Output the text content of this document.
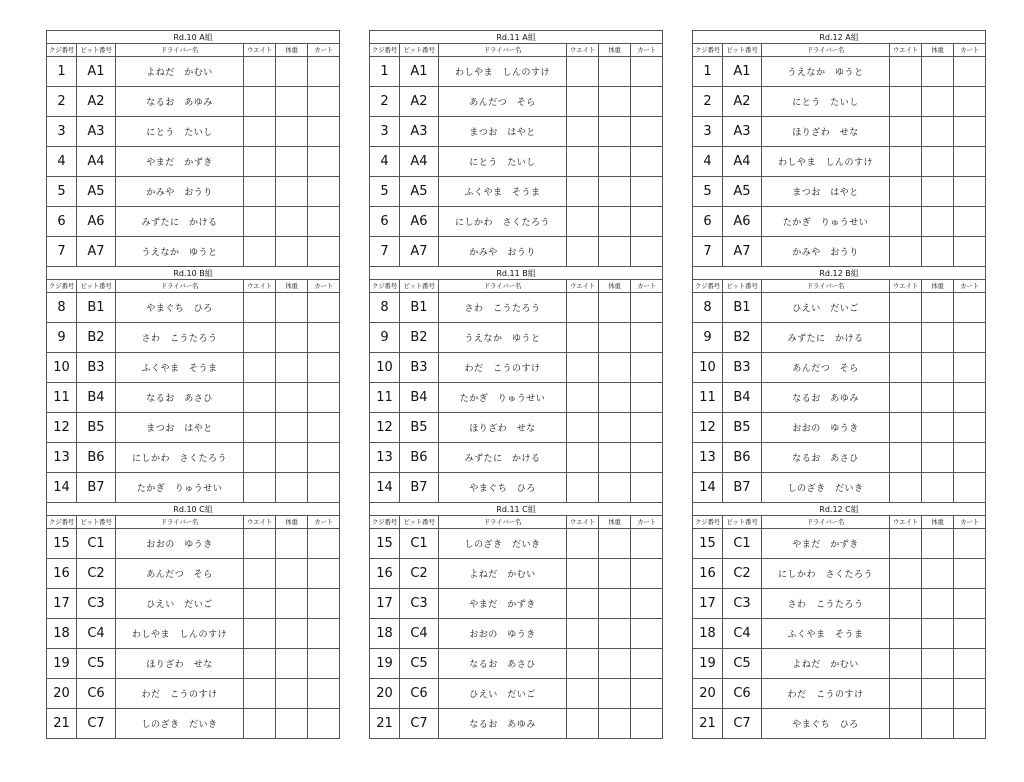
Rd.10 A組					
クジ番号	ピット番号	ドライバー名	ウエイト	体重	カート
1	A1	よねだ　かむい			
2	A2	なるお　あゆみ			
3	A3	にとう　たいし			
4	A4	やまだ　かずき			
5	A5	かみや　おうり			
6	A6	みずたに　かける			
7	A7	うえなか　ゆうと			
Rd.10 B組					
クジ番号	ピット番号	ドライバー名	ウエイト	体重	カート
8	B1	やまぐち　ひろ			
9	B2	さわ　こうたろう			
10	B3	ふくやま　そうま			
11	B4	なるお　あさひ			
12	B5	まつお　はやと			
13	B6	にしかわ　さくたろう			
14	B7	たかぎ　りゅうせい			
Rd.10 C組					
クジ番号	ピット番号	ドライバー名	ウエイト	体重	カート
15	C1	おおの　ゆうき			
16	C2	あんだつ　そら			
17	C3	ひえい　だいご			
18	C4	わしやま　しんのすけ			
19	C5	ほりざわ　せな			
20	C6	わだ　こうのすけ			
21	C7	しのざき　だいき			
Rd.11 A組					
クジ番号	ピット番号	ドライバー名	ウエイト	体重	カート
1	A1	わしやま　しんのすけ			
2	A2	あんだつ　そら			
3	A3	まつお　はやと			
4	A4	にとう　たいし			
5	A5	ふくやま　そうま			
6	A6	にしかわ　さくたろう			
7	A7	かみや　おうり			
Rd.11 B組					
クジ番号	ピット番号	ドライバー名	ウエイト	体重	カート
8	B1	さわ　こうたろう			
9	B2	うえなか　ゆうと			
10	B3	わだ　こうのすけ			
11	B4	たかぎ　りゅうせい			
12	B5	ほりざわ　せな			
13	B6	みずたに　かける			
14	B7	やまぐち　ひろ			
Rd.11 C組					
クジ番号	ピット番号	ドライバー名	ウエイト	体重	カート
15	C1	しのざき　だいき			
16	C2	よねだ　かむい			
17	C3	やまだ　かずき			
18	C4	おおの　ゆうき			
19	C5	なるお　あさひ			
20	C6	ひえい　だいご			
21	C7	なるお　あゆみ			
Rd.12 A組					
クジ番号	ピット番号	ドライバー名	ウエイト	体重	カート
1	A1	うえなか　ゆうと			
2	A2	にとう　たいし			
3	A3	ほりざわ　せな			
4	A4	わしやま　しんのすけ			
5	A5	まつお　はやと			
6	A6	たかぎ　りゅうせい			
7	A7	かみや　おうり			
Rd.12 B組					
クジ番号	ピット番号	ドライバー名	ウエイト	体重	カート
8	B1	ひえい　だいご			
9	B2	みずたに　かける			
10	B3	あんだつ　そら			
11	B4	なるお　あゆみ			
12	B5	おおの　ゆうき			
13	B6	なるお　あさひ			
14	B7	しのざき　だいき			
Rd.12 C組					
クジ番号	ピット番号	ドライバー名	ウエイト	体重	カート
15	C1	やまだ　かずき			
16	C2	にしかわ　さくたろう			
17	C3	さわ　こうたろう			
18	C4	ふくやま　そうま			
19	C5	よねだ　かむい			
20	C6	わだ　こうのすけ			
21	C7	やまぐち　ひろ			
